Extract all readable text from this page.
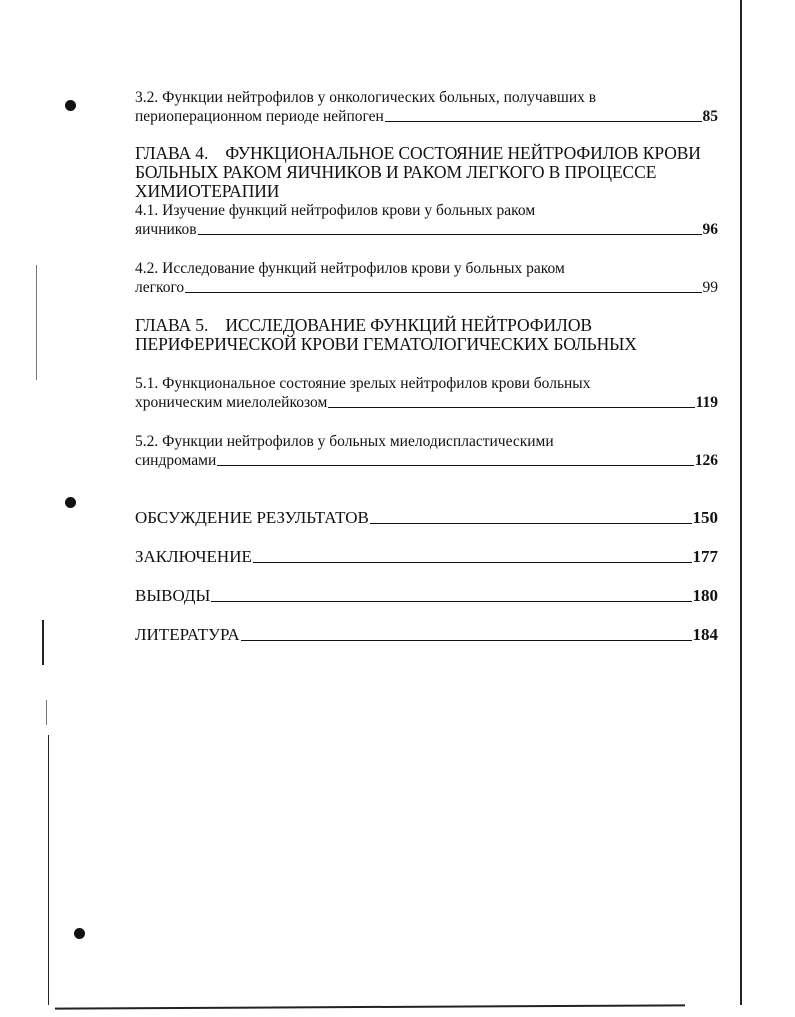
3.2. Функции нейтрофилов у онкологических больных, получавших в
периоперационном периоде нейпоген	85
ГЛАВА 4.    ФУНКЦИОНАЛЬНОЕ СОСТОЯНИЕ НЕЙТРОФИЛОВ КРОВИ
БОЛЬНЫХ РАКОМ ЯИЧНИКОВ И РАКОМ ЛЕГКОГО В ПРОЦЕССЕ
ХИМИОТЕРАПИИ
4.1. Изучение функций нейтрофилов крови у больных раком
яичников	96
4.2. Исследование функций нейтрофилов крови у больных раком
легкого	99
ГЛАВА 5.    ИССЛЕДОВАНИЕ ФУНКЦИЙ НЕЙТРОФИЛОВ
ПЕРИФЕРИЧЕСКОЙ КРОВИ ГЕМАТОЛОГИЧЕСКИХ БОЛЬНЫХ
5.1. Функциональное состояние зрелых нейтрофилов крови больных
хроническим миелолейкозом	119
5.2. Функции нейтрофилов у больных миелодиспластическими
синдромами	126
ОБСУЖДЕНИЕ РЕЗУЛЬТАТОВ	150
ЗАКЛЮЧЕНИЕ	177
ВЫВОДЫ	180
ЛИТЕРАТУРА	184
